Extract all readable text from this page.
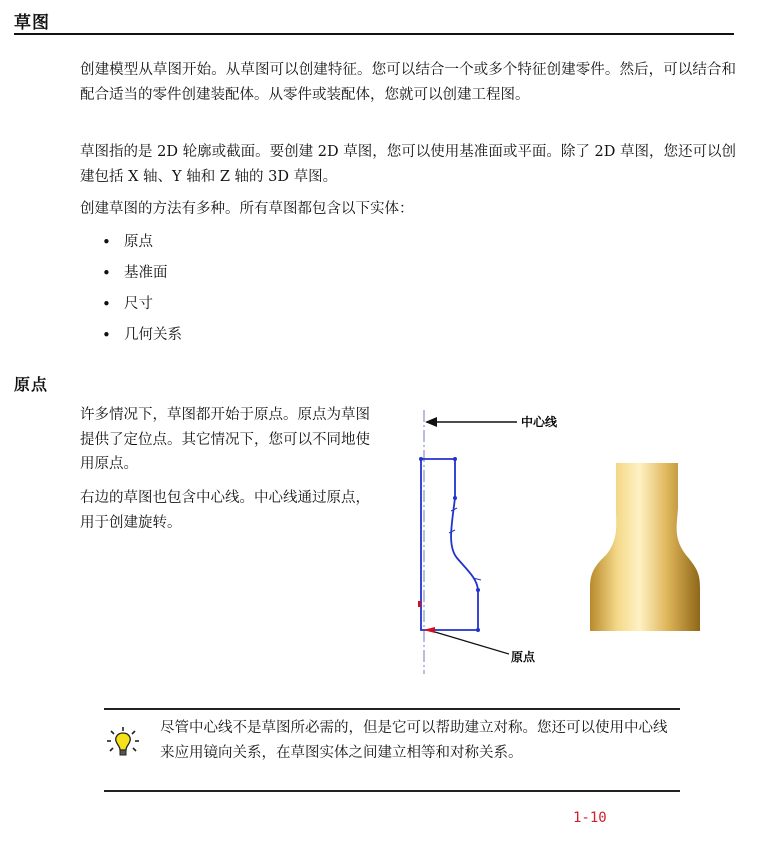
草图

创建模型从草图开始。从草图可以创建特征。您可以结合一个或多个特征创建零件。然后，可以结合和配合适当的零件创建装配体。从零件或装配体，您就可以创建工程图。

草图指的是 2D 轮廓或截面。要创建 2D 草图，您可以使用基准面或平面。除了 2D 草图，您还可以创建包括 X 轴、Y 轴和 Z 轴的 3D 草图。

创建草图的方法有多种。所有草图都包含以下实体：

• 原点
• 基准面
• 尺寸
• 几何关系
原点

许多情况下，草图都开始于原点。原点为草图提供了定位点。其它情况下，您可以不同地使用原点。

右边的草图也包含中心线。中心线通过原点，用于创建旋转。

中心线
原点

尽管中心线不是草图所必需的，但是它可以帮助建立对称。您还可以使用中心线来应用镜向关系，在草图实体之间建立相等和对称关系。

1-10
